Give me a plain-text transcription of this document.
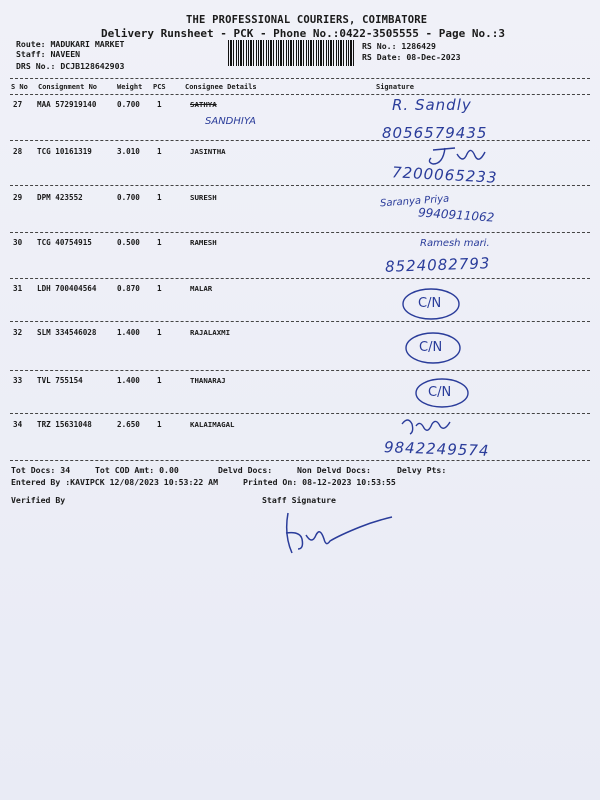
THE PROFESSIONAL COURIERS, COIMBATORE
Delivery Runsheet - PCK - Phone No.:0422-3505555 - Page No.:3
Route: MADUKARI MARKET
Staff: NAVEEN
DRS No.: DCJB128642903
RS No.: 1286429
RS Date: 08-Dec-2023
S No Consignment No	Weight PCS	Consignee Details	Signature
27 MAA 572919140	0.700 1	SATHYA
SANDHIYA
R. Sandly
8056579435
28 TCG 10161319	3.010 1	JASINTHA
7200065233
29 DPM 423552	0.700 1	SURESH	Saranya Priya
9940911062
30 TCG 40754915	0.500 1	RAMESH	Ramesh mari.
8524082793
31 LDH 700404564	0.870 1	MALAR
C/N
32 SLM 334546028	1.400 1	RAJALAXMI
C/N
33 TVL 755154	1.400 1	THANARAJ
C/N
34 TRZ 15631048	2.650 1	KALAIMAGAL
9842249574
Tot Docs: 34	Tot COD Amt: 0.00	Delvd Docs:	Non Delvd Docs:	Delvy Pts:
Entered By :KAVIPCK 12/08/2023 10:53:22 AM	Printed On: 08-12-2023 10:53:55
Verified By	Staff Signature
